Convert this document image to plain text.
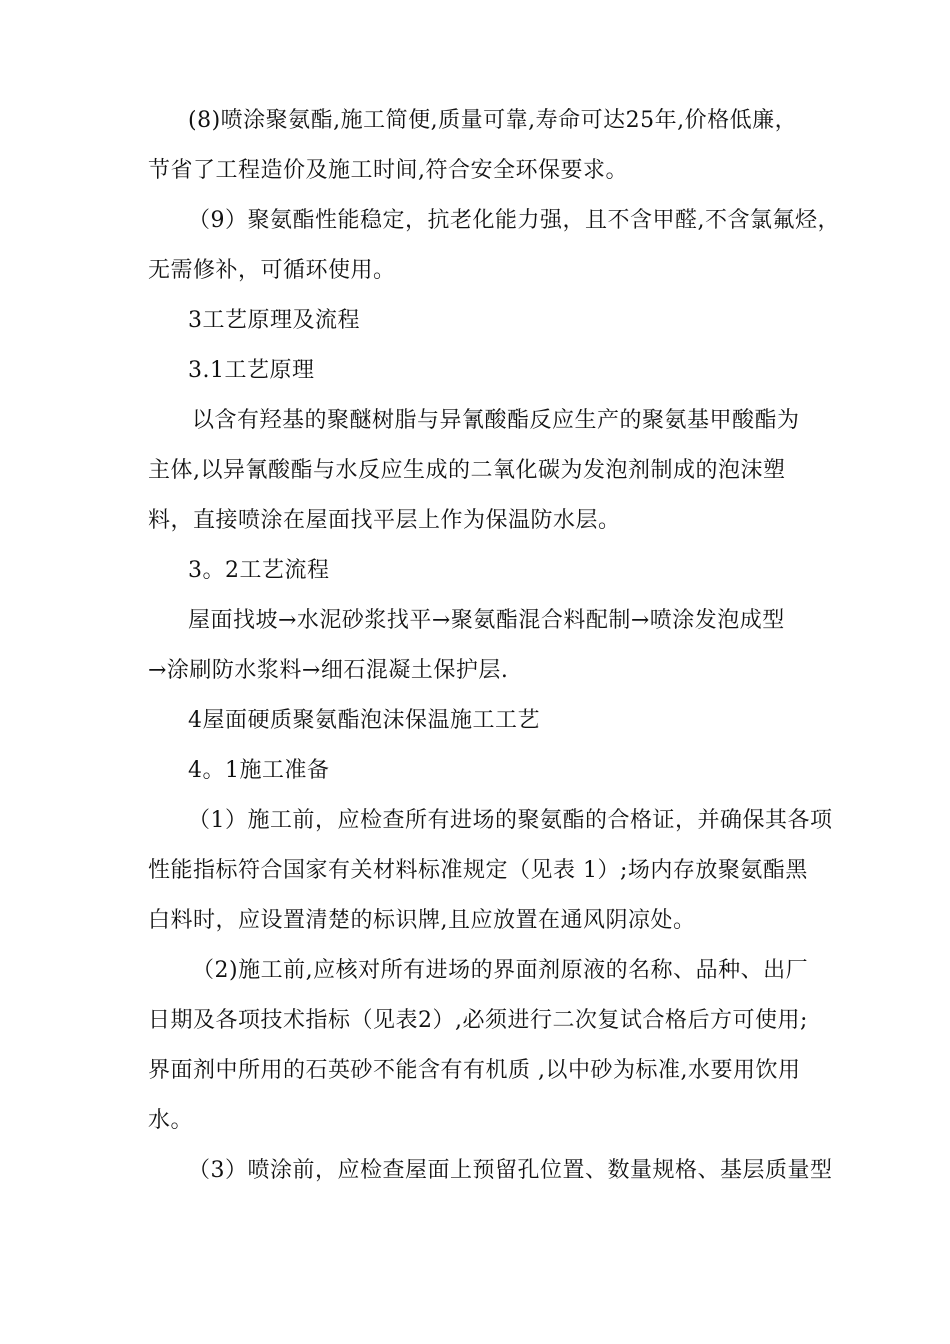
(8)喷涂聚氨酯,施工简便,质量可靠,寿命可达25年,价格低廉，
节省了工程造价及施工时间,符合安全环保要求。
（9）聚氨酯性能稳定，抗老化能力强，且不含甲醛,不含氯氟烃，
无需修补，可循环使用。
3工艺原理及流程
3.1工艺原理
以含有羟基的聚醚树脂与异氰酸酯反应生产的聚氨基甲酸酯为
主体,以异氰酸酯与水反应生成的二氧化碳为发泡剂制成的泡沫塑
料，直接喷涂在屋面找平层上作为保温防水层。
3。2工艺流程
屋面找坡→水泥砂浆找平→聚氨酯混合料配制→喷涂发泡成型
→涂刷防水浆料→细石混凝土保护层.
4屋面硬质聚氨酯泡沫保温施工工艺
4。1施工准备
（1）施工前，应检查所有进场的聚氨酯的合格证，并确保其各项
性能指标符合国家有关材料标准规定（见表 1）;场内存放聚氨酯黑
白料时，应设置清楚的标识牌,且应放置在通风阴凉处。
（2)施工前,应核对所有进场的界面剂原液的名称、品种、出厂
日期及各项技术指标（见表2）,必须进行二次复试合格后方可使用;
界面剂中所用的石英砂不能含有有机质 ,以中砂为标准,水要用饮用
水。
（3）喷涂前，应检查屋面上预留孔位置、数量规格、基层质量型
